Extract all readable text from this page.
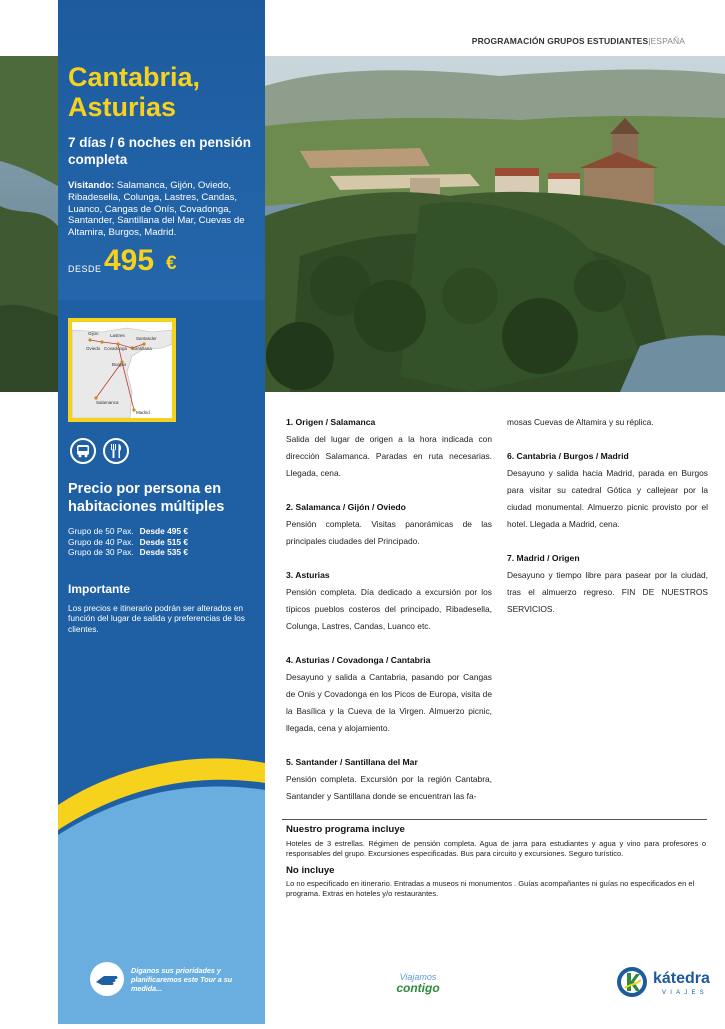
PROGRAMACIÓN GRUPOS ESTUDIANTES|ESPAÑA
Cantabria, Asturias
7 días / 6 noches en pensión completa
Visitando: Salamanca, Gijón, Oviedo, Ribadesella, Colunga, Lastres, Candas, Luanco, Cangas de Onís, Covadonga, Santander, Santillana del Mar, Cuevas de Altamira, Burgos, Madrid.
DESDE 495 €
Gijón	Lastres
Santander
Oviedo Covadonga Santillana
Burgos
Salamanca
Madrid
Precio por persona en habitaciones múltiples
Grupo de 50 Pax. Desde 495 €
Grupo de 40 Pax. Desde 515 €
Grupo de 30 Pax. Desde 535 €
Importante
Los precios e itinerario podrán ser alterados en función del lugar de salida y preferencias de los clientes.
Díganos sus prioridades y planificaremos este Tour a su medida...
1. Origen / Salamanca

Salida del lugar de origen a la hora indicada con dirección Salamanca. Paradas en ruta necesarias. Llegada, cena.

2. Salamanca / Gijón / Oviedo

Pensión completa. Visitas panorámicas de las principales ciudades del Principado.

3. Asturias

Pensión completa. Día dedicado a excursión por los típicos pueblos costeros del principado, Ribadesella, Colunga, Lastres, Candas, Luanco etc.

4. Asturias / Covadonga / Cantabria

Desayuno y salida a Cantabria, pasando por Cangas de Onis y Covadonga en los Picos de Europa, visita de la Basílica y la Cueva de la Virgen. Almuerzo picnic, llegada, cena y alojamiento.

5. Santander / Santillana del Mar

Pensión completa. Excursión por la región Cantabra, Santander y Santillana donde se encuentran las fa-

mosas Cuevas de Altamira y su réplica.

6. Cantabria / Burgos / Madrid

Desayuno y salida hacia Madrid, parada en Burgos para visitar su catedral Gótica y callejear por la ciudad monumental. Almuerzo picnic provisto por el hotel. Llegada a Madrid, cena.

7. Madrid / Origen

Desayuno y tiempo libre para pasear por la ciudad, tras el almuerzo regreso. FIN DE NUESTROS SERVICIOS.

Nuestro programa incluye
Hoteles de 3 estrellas. Régimen de pensión completa. Agua de jarra para estudiantes y agua y vino para profesores o responsables del grupo. Excursiones especificadas. Bus para circuito y excursiones. Seguro turístico.
No incluye
Lo no especificado en itinerario. Entradas a museos ni monumentos . Guías acompañantes ni guías no especificados en el programa. Extras en hoteles y/o restaurantes.
Viajamos
contigo
kátedra
VIAJES
